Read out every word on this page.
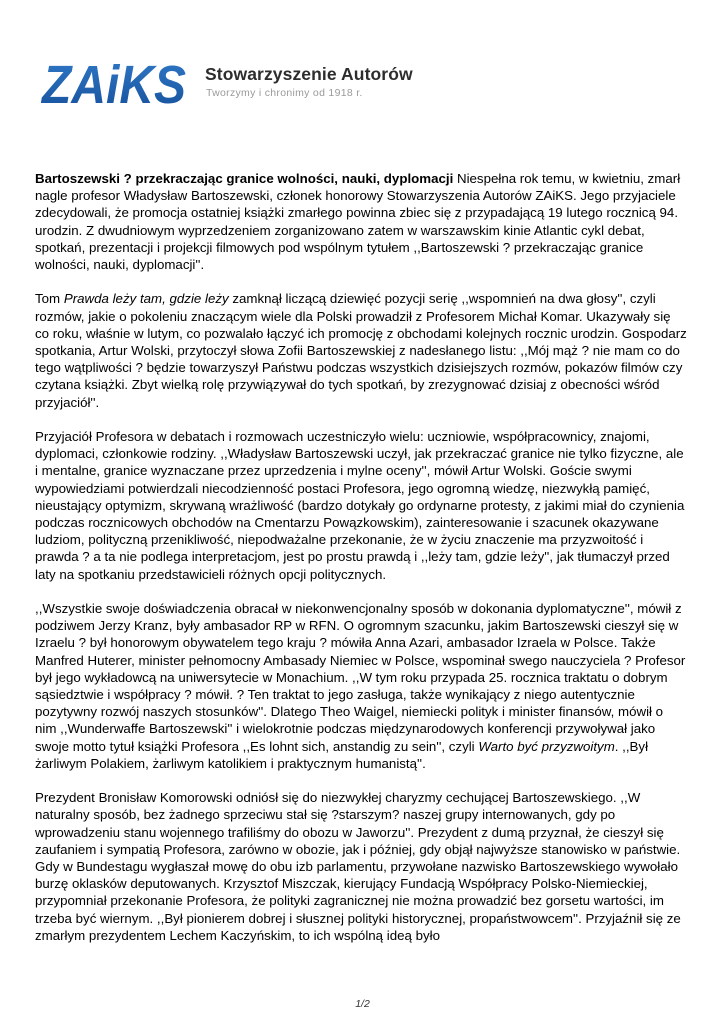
ZAiKS Stowarzyszenie Autorów
Tworzymy i chronimy od 1918 r.

Bartoszewski ? przekraczając granice wolności, nauki, dyplomacji Niespełna rok temu, w kwietniu, zmarł nagle profesor Władysław Bartoszewski, członek honorowy Stowarzyszenia Autorów ZAiKS. Jego przyjaciele zdecydowali, że promocja ostatniej książki zmarłego powinna zbiec się z przypadającą 19 lutego rocznicą 94. urodzin. Z dwudniowym wyprzedzeniem zorganizowano zatem w warszawskim kinie Atlantic cykl debat, spotkań, prezentacji i projekcji filmowych pod wspólnym tytułem ,,Bartoszewski ? przekraczając granice wolności, nauki, dyplomacji''.

Tom Prawda leży tam, gdzie leży zamknął liczącą dziewięć pozycji serię ,,wspomnień na dwa głosy'', czyli rozmów, jakie o pokoleniu znaczącym wiele dla Polski prowadził z Profesorem Michał Komar. Ukazywały się co roku, właśnie w lutym, co pozwalało łączyć ich promocję z obchodami kolejnych rocznic urodzin. Gospodarz spotkania, Artur Wolski, przytoczył słowa Zofii Bartoszewskiej z nadesłanego listu: ,,Mój mąż ? nie mam co do tego wątpliwości ? będzie towarzyszył Państwu podczas wszystkich dzisiejszych rozmów, pokazów filmów czy czytana książki. Zbyt wielką rolę przywiązywał do tych spotkań, by zrezygnować dzisiaj z obecności wśród przyjaciół''.

Przyjaciół Profesora w debatach i rozmowach uczestniczyło wielu: uczniowie, współpracownicy, znajomi, dyplomaci, członkowie rodziny. ,,Władysław Bartoszewski uczył, jak przekraczać granice nie tylko fizyczne, ale i mentalne, granice wyznaczane przez uprzedzenia i mylne oceny'', mówił Artur Wolski. Goście swymi wypowiedziami potwierdzali niecodzienność postaci Profesora, jego ogromną wiedzę, niezwykłą pamięć, nieustający optymizm, skrywaną wrażliwość (bardzo dotykały go ordynarne protesty, z jakimi miał do czynienia podczas rocznicowych obchodów na Cmentarzu Powązkowskim), zainteresowanie i szacunek okazywane ludziom, polityczną przenikliwość, niepodważalne przekonanie, że w życiu znaczenie ma przyzwoitość i prawda ? a ta nie podlega interpretacjom, jest po prostu prawdą i ,,leży tam, gdzie leży'', jak tłumaczył przed laty na spotkaniu przedstawicieli różnych opcji politycznych.

,,Wszystkie swoje doświadczenia obracał w niekonwencjonalny sposób w dokonania dyplomatyczne'', mówił z podziwem Jerzy Kranz, były ambasador RP w RFN. O ogromnym szacunku, jakim Bartoszewski cieszył się w Izraelu ? był honorowym obywatelem tego kraju ? mówiła Anna Azari, ambasador Izraela w Polsce. Także Manfred Huterer, minister pełnomocny Ambasady Niemiec w Polsce, wspominał swego nauczyciela ? Profesor był jego wykładowcą na uniwersytecie w Monachium. ,,W tym roku przypada 25. rocznica traktatu o dobrym sąsiedztwie i współpracy ? mówił. ? Ten traktat to jego zasługa, także wynikający z niego autentycznie pozytywny rozwój naszych stosunków''. Dlatego Theo Waigel, niemiecki polityk i minister finansów, mówił o nim ,,Wunderwaffe Bartoszewski'' i wielokrotnie podczas międzynarodowych konferencji przywoływał jako swoje motto tytuł książki Profesora ,,Es lohnt sich, anstandig zu sein'', czyli Warto być przyzwoitym. ,,Był żarliwym Polakiem, żarliwym katolikiem i praktycznym humanistą''.

Prezydent Bronisław Komorowski odniósł się do niezwykłej charyzmy cechującej Bartoszewskiego. ,,W naturalny sposób, bez żadnego sprzeciwu stał się ?starszym? naszej grupy internowanych, gdy po wprowadzeniu stanu wojennego trafiliśmy do obozu w Jaworzu''. Prezydent z dumą przyznał, że cieszył się zaufaniem i sympatią Profesora, zarówno w obozie, jak i później, gdy objął najwyższe stanowisko w państwie. Gdy w Bundestagu wygłaszał mowę do obu izb parlamentu, przywołane nazwisko Bartoszewskiego wywołało burzę oklasków deputowanych. Krzysztof Miszczak, kierujący Fundacją Współpracy Polsko-Niemieckiej, przypomniał przekonanie Profesora, że polityki zagranicznej nie można prowadzić bez gorsetu wartości, im trzeba być wiernym. ,,Był pionierem dobrej i słusznej polityki historycznej, propaństwowcem''. Przyjaźnił się ze zmarłym prezydentem Lechem Kaczyńskim, to ich wspólną ideą było

1/2
